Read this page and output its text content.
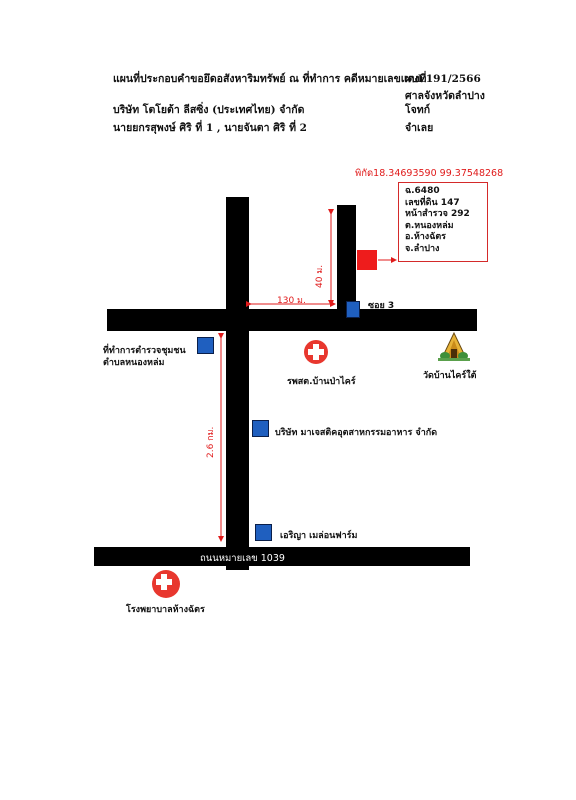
แผนที่ประกอบคำขอยึดอสังหาริมทรัพย์ ณ ที่ทำการ คดีหมายเลขแดงที่
ผบE191/2566
ศาลจังหวัดลำปาง
บริษัท โตโยต้า ลีสซิ่ง (ประเทศไทย) จำกัด	โจทก์
นายยกรสุพงษ์ ศิริ ที่ 1 , นายจันตา ศิริ ที่ 2	จำเลย
พิกัด18.34693590 99.37548268
ถนนหมายเลข 1039
ฉ.6480
เลขที่ดิน 147
หน้าสำรวจ 292
ต.หนองหล่ม
อ.ห้างฉัตร
จ.ลำปาง
130 ม.
40 ม.
2.6 กม.
ซอย 3
ที่ทำการตำรวจชุมชน
ตำบลหนองหล่ม
รพสต.บ้านป่าไคร์
วัดบ้านไคร์ใต้
บริษัท มาเจสติคอุตสาหกรรมอาหาร จำกัด
เอริญา เมล่อนฟาร์ม
โรงพยาบาลห้างฉัตร
